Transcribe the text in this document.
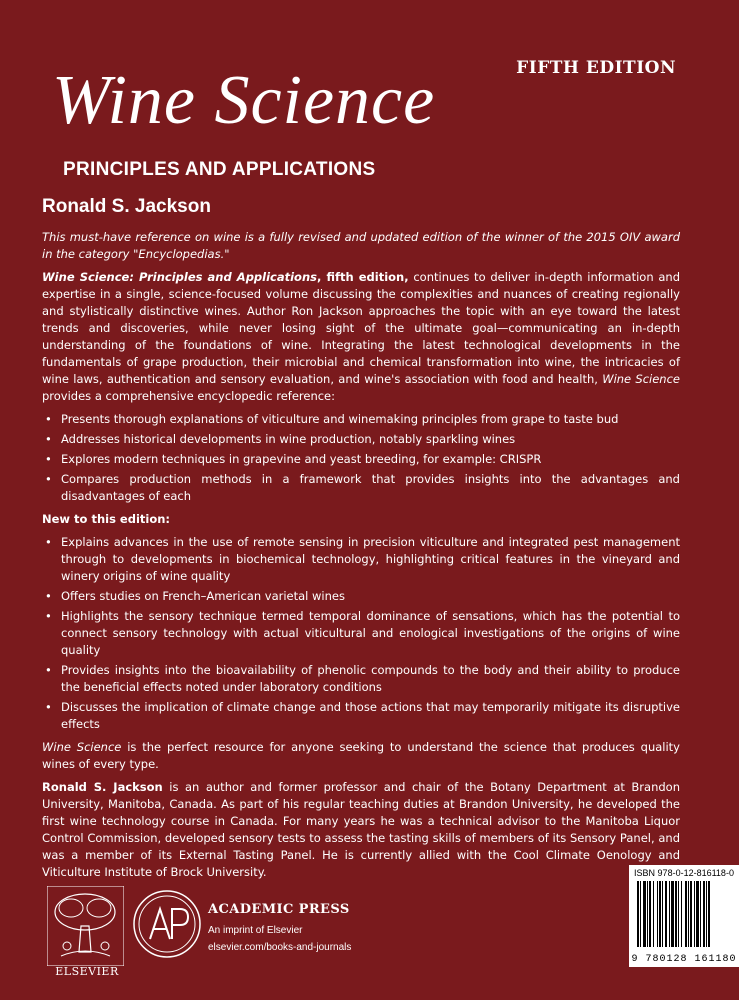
FIFTH EDITION
Wine Science
PRINCIPLES AND APPLICATIONS
Ronald S. Jackson

This must-have reference on wine is a fully revised and updated edition of the winner of the 2015 OIV award in the category "Encyclopedias."

Wine Science: Principles and Applications, fifth edition, continues to deliver in-depth information and expertise in a single, science-focused volume discussing the complexities and nuances of creating regionally and stylistically distinctive wines. Author Ron Jackson approaches the topic with an eye toward the latest trends and discoveries, while never losing sight of the ultimate goal—communicating an in-depth understanding of the foundations of wine. Integrating the latest technological developments in the fundamentals of grape production, their microbial and chemical transformation into wine, the intricacies of wine laws, authentication and sensory evaluation, and wine's association with food and health, Wine Science provides a comprehensive encyclopedic reference:

• Presents thorough explanations of viticulture and winemaking principles from grape to taste bud
• Addresses historical developments in wine production, notably sparkling wines
• Explores modern techniques in grapevine and yeast breeding, for example: CRISPR
• Compares production methods in a framework that provides insights into the advantages and disadvantages of each
New to this edition:
• Explains advances in the use of remote sensing in precision viticulture and integrated pest management through to developments in biochemical technology, highlighting critical features in the vineyard and winery origins of wine quality
• Offers studies on French–American varietal wines
• Highlights the sensory technique termed temporal dominance of sensations, which has the potential to connect sensory technology with actual viticultural and enological investigations of the origins of wine quality
• Provides insights into the bioavailability of phenolic compounds to the body and their ability to produce the beneficial effects noted under laboratory conditions
• Discusses the implication of climate change and those actions that may temporarily mitigate its disruptive effects

Wine Science is the perfect resource for anyone seeking to understand the science that produces quality wines of every type.

Ronald S. Jackson is an author and former professor and chair of the Botany Department at Brandon University, Manitoba, Canada. As part of his regular teaching duties at Brandon University, he developed the first wine technology course in Canada. For many years he was a technical advisor to the Manitoba Liquor Control Commission, developed sensory tests to assess the tasting skills of members of its Sensory Panel, and was a member of its External Tasting Panel. He is currently allied with the Cool Climate Oenology and Viticulture Institute of Brock University.

ELSEVIER
ACADEMIC PRESS
An imprint of Elsevier
elsevier.com/books-and-journals
ISBN 978-0-12-816118-0
9 780128 161180
